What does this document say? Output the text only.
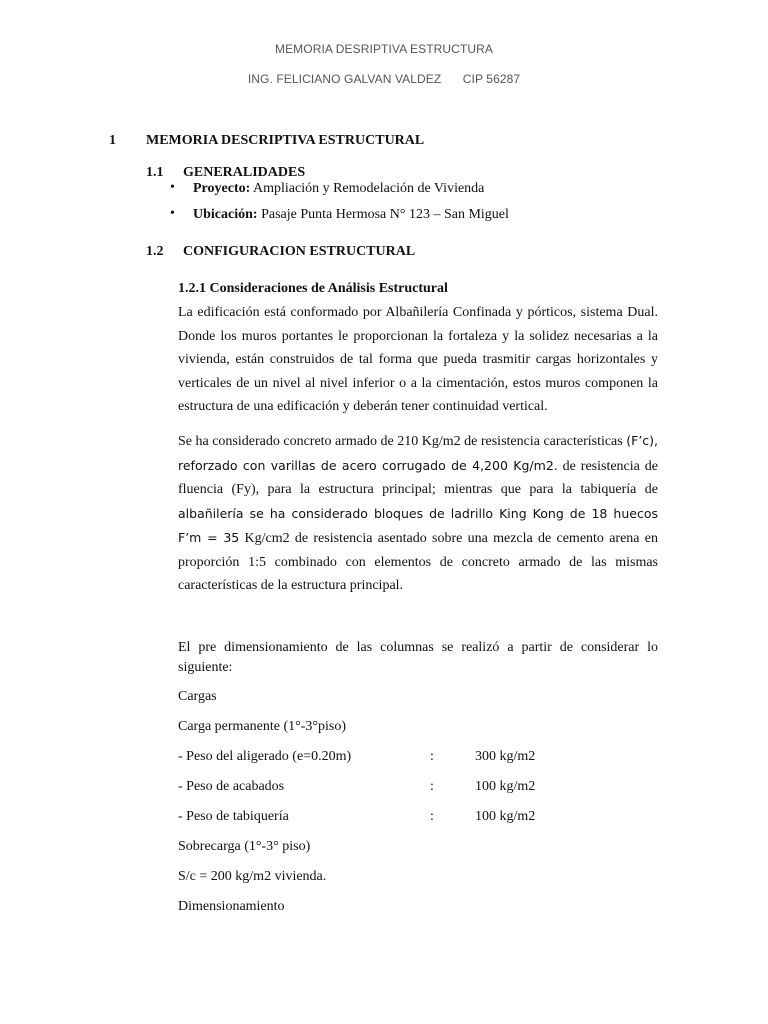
MEMORIA DESRIPTIVA ESTRUCTURA
ING. FELICIANO GALVAN VALDEZ CIP 56287
1 MEMORIA DESCRIPTIVA ESTRUCTURAL
1.1 GENERALIDADES
• Proyecto: Ampliación y Remodelación de Vivienda
• Ubicación: Pasaje Punta Hermosa N° 123 – San Miguel
1.2 CONFIGURACION ESTRUCTURAL
1.2.1 Consideraciones de Análisis Estructural

La edificación está conformado por Albañilería Confinada y pórticos, sistema Dual. Donde los muros portantes le proporcionan la fortaleza y la solidez necesarias a la vivienda, están construidos de tal forma que pueda trasmitir cargas horizontales y verticales de un nivel al nivel inferior o a la cimentación, estos muros componen la estructura de una edificación y deberán tener continuidad vertical.

Se ha considerado concreto armado de 210 Kg/m2 de resistencia características (F’c), reforzado con varillas de acero corrugado de 4,200 Kg/m2. de resistencia de fluencia (Fy), para la estructura principal; mientras que para la tabiquería de albañilería se ha considerado bloques de ladrillo King Kong de 18 huecos F’m = 35 Kg/cm2 de resistencia asentado sobre una mezcla de cemento arena en proporción 1:5 combinado con elementos de concreto armado de las mismas características de la estructura principal.

El pre dimensionamiento de las columnas se realizó a partir de considerar lo siguiente:

Cargas
Carga permanente (1°-3°piso)
- Peso del aligerado (e=0.20m)	:	300 kg/m2
- Peso de acabados	:	100 kg/m2
- Peso de tabiquería	:	100 kg/m2
Sobrecarga (1°-3° piso)
S/c = 200 kg/m2 vivienda.
Dimensionamiento
